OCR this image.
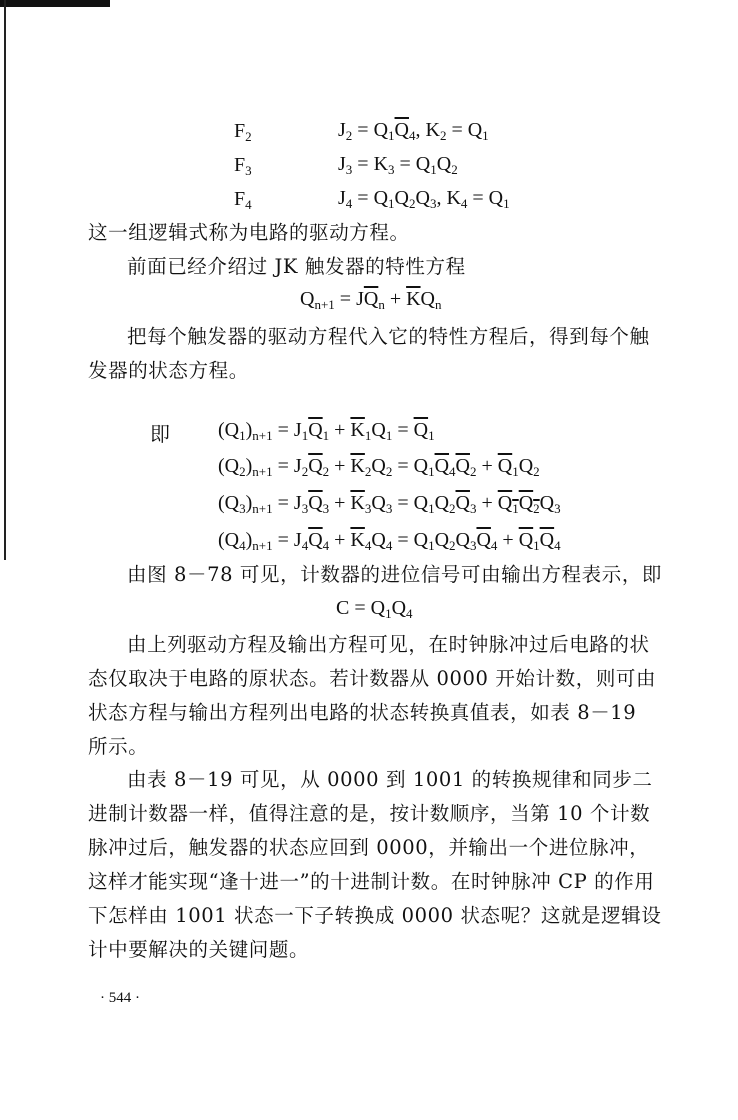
$F_2$	$J_2 = Q_1\overline{Q}_4$, $K_2 = Q_1$
$F_3$	$J_3 = K_3 = Q_1Q_2$
$F_4$	$J_4 = Q_1Q_2Q_3$, $K_4 = Q_1$

这一组逻辑式称为电路的驱动方程。

前面已经介绍过 JK 触发器的特性方程

$Q_{n+1} = J\overline{Q}_n + \overline{K}Q_n$

把每个触发器的驱动方程代入它的特性方程后，得到每个触发器的状态方程。

即 $(Q_1)_{n+1} = J_1\overline{Q}_1 + \overline{K}_1Q_1 = \overline{Q}_1$
$(Q_2)_{n+1} = J_2\overline{Q}_2 + \overline{K}_2Q_2 = Q_1\overline{Q}_4\overline{Q}_2 + \overline{Q}_1Q_2$
$(Q_3)_{n+1} = J_3\overline{Q}_3 + \overline{K}_3Q_3 = Q_1Q_2\overline{Q}_3 + Q_1Q_2Q_3$
$(Q_4)_{n+1} = J_4\overline{Q}_4 + \overline{K}_4Q_4 = Q_1Q_2Q_3\overline{Q}_4 + \overline{Q}_1\overline{Q}_4$

由图 8－78 可见，计数器的进位信号可由输出方程表示，即

$C = Q_1Q_4$

由上列驱动方程及输出方程可见，在时钟脉冲过后电路的状态仅取决于电路的原状态。若计数器从 0000 开始计数，则可由状态方程与输出方程列出电路的状态转换真值表，如表 8－19 所示。

由表 8－19 可见，从 0000 到 1001 的转换规律和同步二进制计数器一样，值得注意的是，按计数顺序，当第 10 个计数脉冲过后，触发器的状态应回到 0000，并输出一个进位脉冲，这样才能实现“逢十进一”的十进制计数。在时钟脉冲 CP 的作用下怎样由 1001 状态一下子转换成 0000 状态呢？这就是逻辑设计中要解决的关键问题。

· 544 ·
